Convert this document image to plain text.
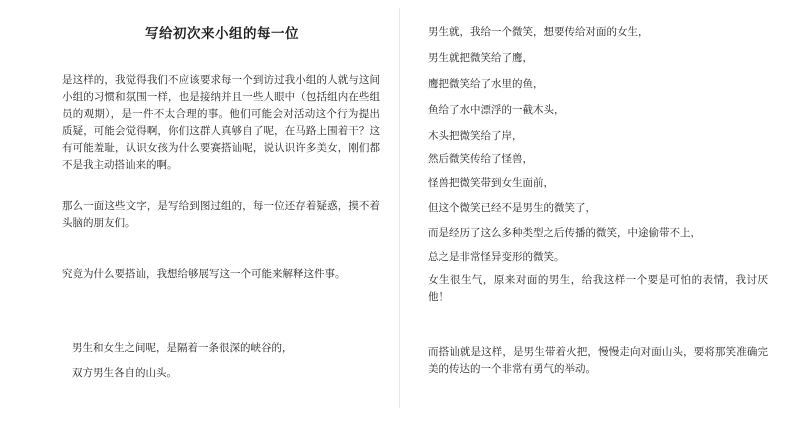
写给初次来小组的每一位

是这样的，我觉得我们不应该要求每一个到访过我小组的人就与这间小组的习惯和氛围一样，也是接纳并且一些人眼中（包括组内在些组员的观期），是一件不太合理的事。他们可能会对活动这个行为提出质疑，可能会觉得啊，你们这群人真够自了呢，在马路上围着干？这有可能羞耻，认识女孩为什么要赛搭讪呢，说认识许多美女，刚们都不是我主动搭讪来的啊。

那么一面这些文字，是写给到图过组的，每一位还存着疑惑，摸不着头脑的朋友们。

究竟为什么要搭讪，我想给够展写这一个可能来解释这件事。

男生和女生之间呢，是隔着一条很深的峡谷的，

双方男生各自的山头。

男生就，我给一个微笑，想要传给对面的女生，

男生就把微笑给了鹰，

鹰把微笑给了水里的鱼，

鱼给了水中漂浮的一截木头，

木头把微笑给了岸，

然后微笑传给了怪兽，

怪兽把微笑带到女生面前，

但这个微笑已经不是男生的微笑了，

而是经历了这么多种类型之后传播的微笑，中途偷带不上，

总之是非常怪异变形的微笑。

女生很生气，原来对面的男生，给我这样一个要是可怕的表情，我讨厌他！

而搭讪就是这样，是男生带着火把，慢慢走向对面山头，要将那笑准确完美的传达的一个非常有勇气的举动。
